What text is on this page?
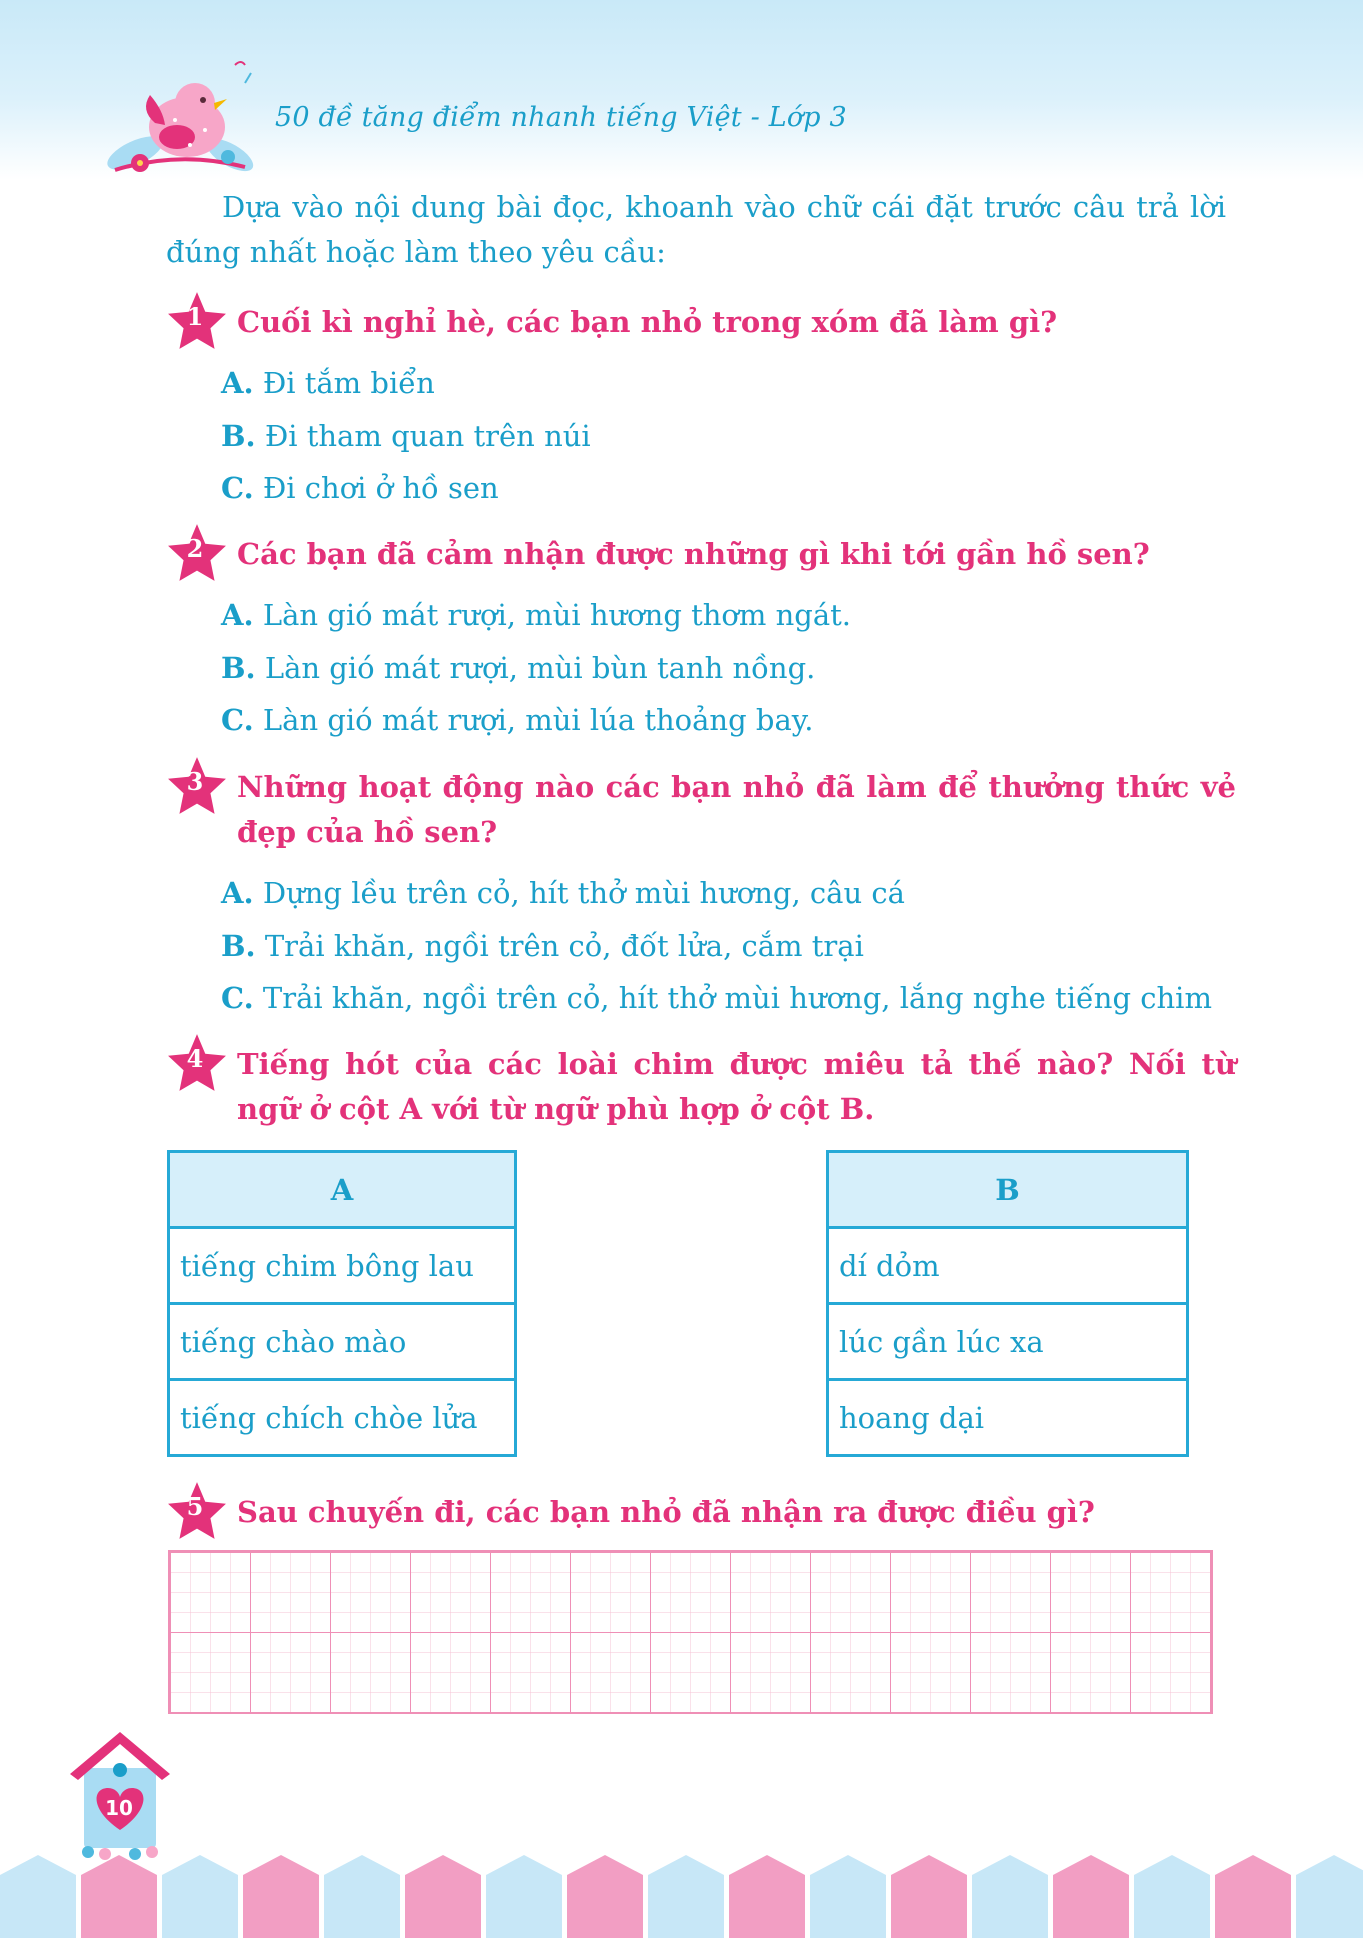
50 đề tăng điểm nhanh tiếng Việt - Lớp 3
Dựa vào nội dung bài đọc, khoanh vào chữ cái đặt trước câu trả lời đúng nhất hoặc làm theo yêu cầu:
1	Cuối kì nghỉ hè, các bạn nhỏ trong xóm đã làm gì?
A. Đi tắm biển
B. Đi tham quan trên núi
C. Đi chơi ở hồ sen
2	Các bạn đã cảm nhận được những gì khi tới gần hồ sen?
A. Làn gió mát rượi, mùi hương thơm ngát.
B. Làn gió mát rượi, mùi bùn tanh nồng.
C. Làn gió mát rượi, mùi lúa thoảng bay.
3	Những hoạt động nào các bạn nhỏ đã làm để thưởng thức vẻ đẹp của hồ sen?
A. Dựng lều trên cỏ, hít thở mùi hương, câu cá
B. Trải khăn, ngồi trên cỏ, đốt lửa, cắm trại
C. Trải khăn, ngồi trên cỏ, hít thở mùi hương, lắng nghe tiếng chim
4	Tiếng hót của các loài chim được miêu tả thế nào? Nối từ ngữ ở cột A với từ ngữ phù hợp ở cột B.
A
tiếng chim bông lau
tiếng chào mào
tiếng chích chòe lửa
B
dí dỏm
lúc gần lúc xa
hoang dại
5	Sau chuyến đi, các bạn nhỏ đã nhận ra được điều gì?
10
